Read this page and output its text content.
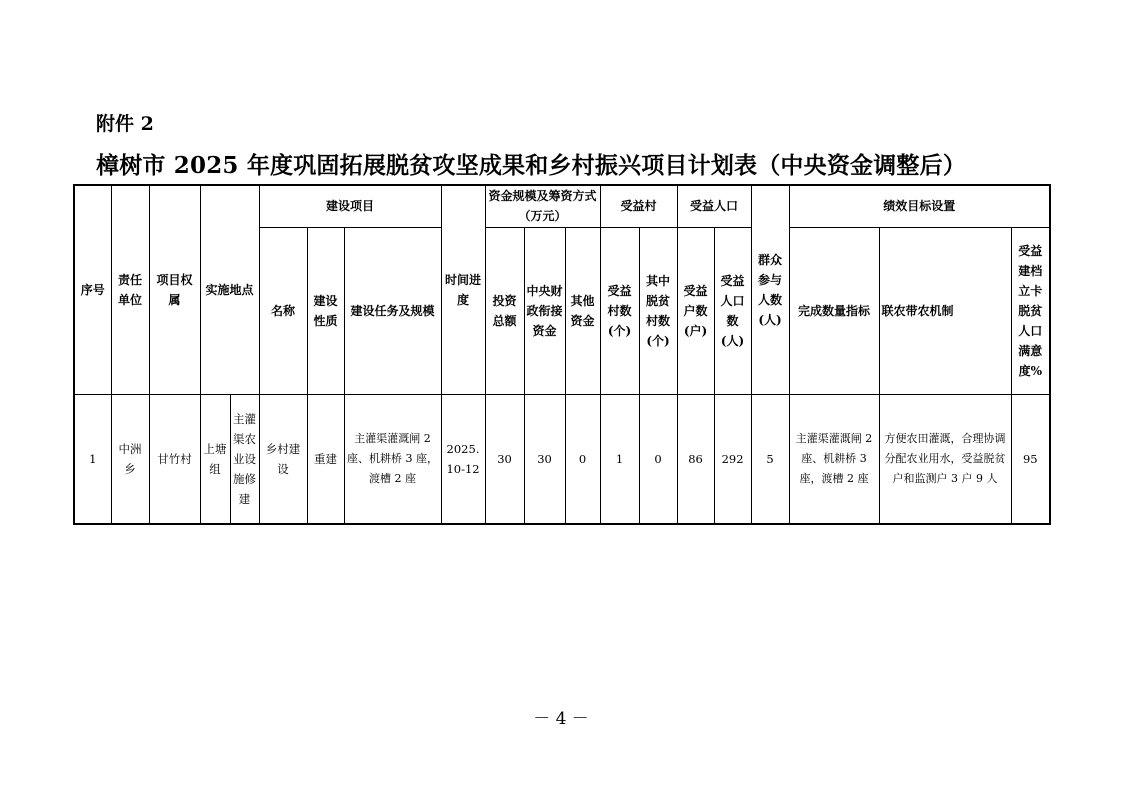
附件 2
樟树市 2025 年度巩固拓展脱贫攻坚成果和乡村振兴项目计划表（中央资金调整后）
序号	责任单位	项目权属	实施地点		建设项目			时间进度	资金规模及筹资方式（万元）			受益村		受益人口		群众参与人数(人)	绩效目标设置		
					名称	建设性质	建设任务及规模		投资总额	中央财政衔接资金	其他资金	受益村数(个)	其中脱贫村数(个)	受益户数(户)	受益人口数(人)		完成数量指标	联农带农机制	受益建档立卡脱贫人口满意度%
1	中洲乡	甘竹村	上塘组	主灌渠农业设施修建	乡村建设	重建	主灌渠灌溉闸 2 座、机耕桥 3 座，渡槽 2 座	2025.10-12	30	30	0	1	0	86	292	5	主灌渠灌溉闸 2 座、机耕桥 3 座，渡槽 2 座	方便农田灌溉，合理协调分配农业用水，受益脱贫户和监测户 3 户 9 人	95
－ 4 －
